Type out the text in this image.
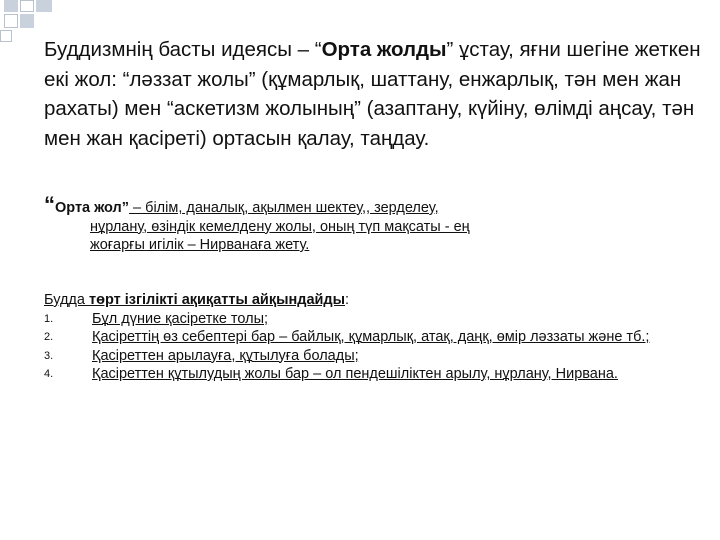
Буддизмнің басты идеясы – “Орта жолды” ұстау, яғни шегіне жеткен екі жол: “ләззат жолы” (құмарлық, шаттану, енжарлық, тән мен жан рахаты) мен “аскетизм жолының” (азаптану, күйіну, өлімді аңсау, тән мен жан қасіреті) ортасын қалау, таңдау.
“Орта жол” – білім, даналық, ақылмен шектеу,, зерделеу,
нұрлану, өзіндік кемелдену жолы, оның түп мақсаты - ең
жоғарғы игілік – Нирванаға жету.
Будда төрт ізгілікті ақиқатты айқындайды:
1.	Бұл дүние қасіретке толы;
2.	Қасіреттің өз себептері бар – байлық, құмарлық, атақ, даңқ, өмір ләззаты және тб.;
3.	Қасіреттен арылауға, құтылуға болады;
4.	Қасіреттен құтылудың жолы бар – ол пендешіліктен арылу, нұрлану, Нирвана.
